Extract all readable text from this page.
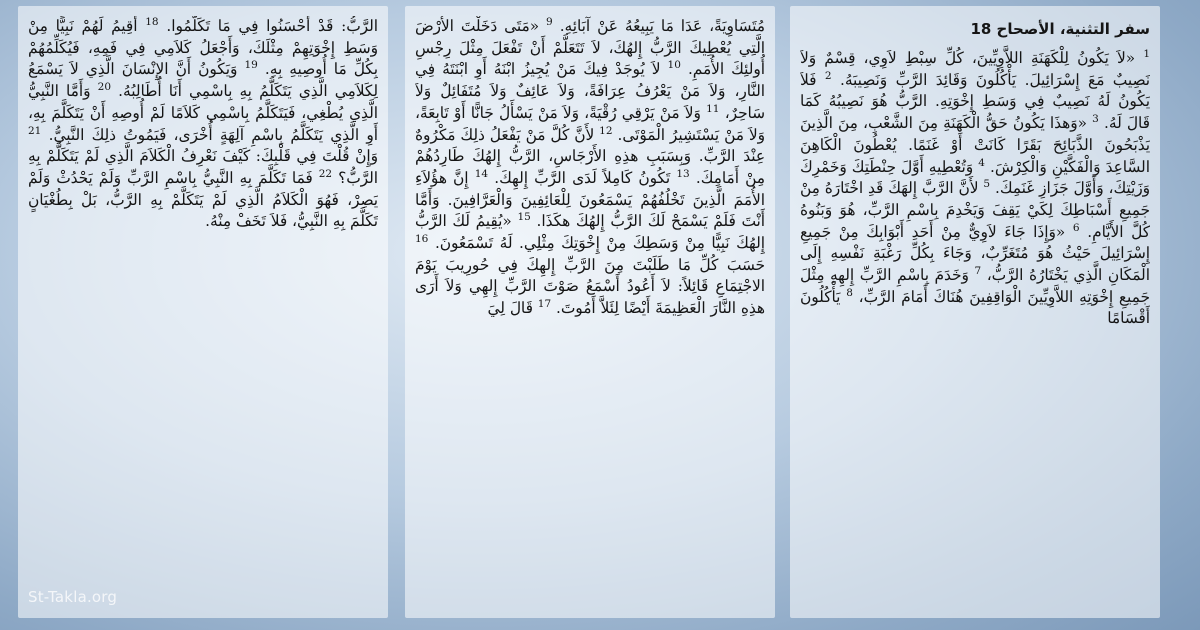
سفر التثنية، الأصحاح 18
$^1$ «لاَ يَكُونُ لِلْكَهَنَةِ اللاَّوِيِّينَ، كُلِّ سِبْطِ لاَوِي، قِسْمٌ وَلاَ نَصِيبٌ مَعَ إِسْرَائِيلَ. يَأْكُلُونَ وَقَائِدَ الرَّبِّ وَنَصِيبَهُ. $^2$ فَلاَ يَكُونُ لَهُ نَصِيبٌ فِي وَسَطِ إِخْوَتِهِ. الرَّبُّ هُوَ نَصِيبُهُ كَمَا قَالَ لَهُ. $^3$ «وَهذَا يَكُونُ حَقُّ الْكَهَنَةِ مِنَ الشَّعْبِ، مِنَ الَّذِينَ يَذْبَحُونَ الذَّبَائِحَ بَقَرًا كَانَتْ أَوْ غَنَمًا. يُعْطُونَ الْكَاهِنَ السَّاعِدَ وَالْفَكَّيْنِ وَالْكِرْشَ. $^4$ وَتُعْطِيهِ أَوَّلَ حِنْطَتِكَ وَخَمْرِكَ وَزَيْتِكَ، وَأَوَّلَ جَزَازِ غَنَمِكَ. $^5$ لأَنَّ الرَّبَّ إِلهَكَ قَدِ اخْتَارَهُ مِنْ جَمِيعِ أَسْبَاطِكَ لِكَيْ يَقِفَ وَيَخْدِمَ بِاسْمِ الرَّبِّ، هُوَ وَبَنُوهُ كُلَّ الأَيَّامِ. $^6$ «وَإِذَا جَاءَ لاَوِيٌّ مِنْ أَحَدِ أَبْوَابِكَ مِنْ جَمِيعِ إِسْرَائِيلَ حَيْثُ هُوَ مُتَغَرِّبٌ، وَجَاءَ بِكُلِّ رَغْبَةِ نَفْسِهِ إِلَى الْمَكَانِ الَّذِي يَخْتَارُهُ الرَّبُّ، $^7$ وَخَدَمَ بِاسْمِ الرَّبِّ إِلهِهِ مِثْلَ جَمِيعِ إِخْوَتِهِ اللاَّوِيِّينَ الْوَاقِفِينَ هُنَاكَ أَمَامَ الرَّبِّ، $^8$ يَأْكُلُونَ أَقْسَامًا
مُتَسَاوِيَةً، عَدَا مَا يَبِيعُهُ عَنْ آبَائِهِ. $^9$ «مَتَى دَخَلْتَ الأَرْضَ الَّتِي يُعْطِيكَ الرَّبُّ إِلهُكَ، لاَ تَتَعَلَّمْ أَنْ تَفْعَلَ مِثْلَ رِجْسِ أُولئِكَ الأُمَمِ. $^{10}$ لاَ يُوجَدْ فِيكَ مَنْ يُجِيزُ ابْنَهُ أَوِ ابْنَتَهُ فِي النَّارِ، وَلاَ مَنْ يَعْرُفُ عِرَافَةً، وَلاَ عَائِفٌ وَلاَ مُتَفَائِلٌ وَلاَ سَاحِرٌ، $^{11}$ وَلاَ مَنْ يَرْقِي رُقْيَةً، وَلاَ مَنْ يَسْأَلُ جَانًّا أَوْ تَابِعَةً، وَلاَ مَنْ يَسْتَشِيرُ الْمَوْتَى. $^{12}$ لأَنَّ كُلَّ مَنْ يَفْعَلُ ذلِكَ مَكْرُوهٌ عِنْدَ الرَّبِّ. وَبِسَبَبِ هذِهِ الأَرْجَاسِ، الرَّبُّ إِلهُكَ طَارِدُهُمْ مِنْ أَمَامِكَ. $^{13}$ تَكُونُ كَامِلاً لَدَى الرَّبِّ إِلهِكَ. $^{14}$ إِنَّ هؤُلاَءِ الأُمَمَ الَّذِينَ تَخْلُفُهُمْ يَسْمَعُونَ لِلْعَائِفِينَ وَالْعَرَّافِينَ. وَأَمَّا أَنْتَ فَلَمْ يَسْمَحْ لَكَ الرَّبُّ إِلهُكَ هكَذَا. $^{15}$ «يُقِيمُ لَكَ الرَّبُّ إِلهُكَ نَبِيًّا مِنْ وَسَطِكَ مِنْ إِخْوَتِكَ مِثْلِي. لَهُ تَسْمَعُونَ. $^{16}$ حَسَبَ كُلِّ مَا طَلَبْتَ مِنَ الرَّبِّ إِلهِكَ فِي حُورِيبَ يَوْمَ الاجْتِمَاعِ قَائِلاً: لاَ أَعُودُ أَسْمَعُ صَوْتَ الرَّبِّ إِلهِي وَلاَ أَرَى هذِهِ النَّارَ الْعَظِيمَةَ أَيْضًا لِئَلاَّ أَمُوتَ. $^{17}$ قَالَ لِيَ
الرَّبُّ: قَدْ أَحْسَنُوا فِي مَا تَكَلَّمُوا. $^{18}$ أُقِيمُ لَهُمْ نَبِيًّا مِنْ وَسَطِ إِخْوَتِهِمْ مِثْلَكَ، وَأَجْعَلُ كَلاَمِي فِي فَمِهِ، فَيُكَلِّمُهُمْ بِكُلِّ مَا أُوصِيهِ بِهِ. $^{19}$ وَيَكُونُ أَنَّ الإِنْسَانَ الَّذِي لاَ يَسْمَعُ لِكَلاَمِي الَّذِي يَتَكَلَّمُ بِهِ بِاسْمِي أَنَا أُطَالِبُهُ. $^{20}$ وَأَمَّا النَّبِيُّ الَّذِي يُطْغِي، فَيَتَكَلَّمُ بِاسْمِي كَلاَمًا لَمْ أُوصِهِ أَنْ يَتَكَلَّمَ بِهِ، أَوِ الَّذِي يَتَكَلَّمُ بِاسْمِ آلِهَةٍ أُخْرَى، فَيَمُوتُ ذلِكَ النَّبِيُّ. $^{21}$ وَإِنْ قُلْتَ فِي قَلْبِكَ: كَيْفَ نَعْرِفُ الْكَلاَمَ الَّذِي لَمْ يَتَكَلَّمْ بِهِ الرَّبُّ؟ $^{22}$ فَمَا تَكَلَّمَ بِهِ النَّبِيُّ بِاسْمِ الرَّبِّ وَلَمْ يَحْدُثْ وَلَمْ يَصِرْ، فَهُوَ الْكَلاَمُ الَّذِي لَمْ يَتَكَلَّمْ بِهِ الرَّبُّ، بَلْ بِطُغْيَانٍ تَكَلَّمَ بِهِ النَّبِيُّ، فَلاَ تَخَفْ مِنْهُ.
St-Takla.org
